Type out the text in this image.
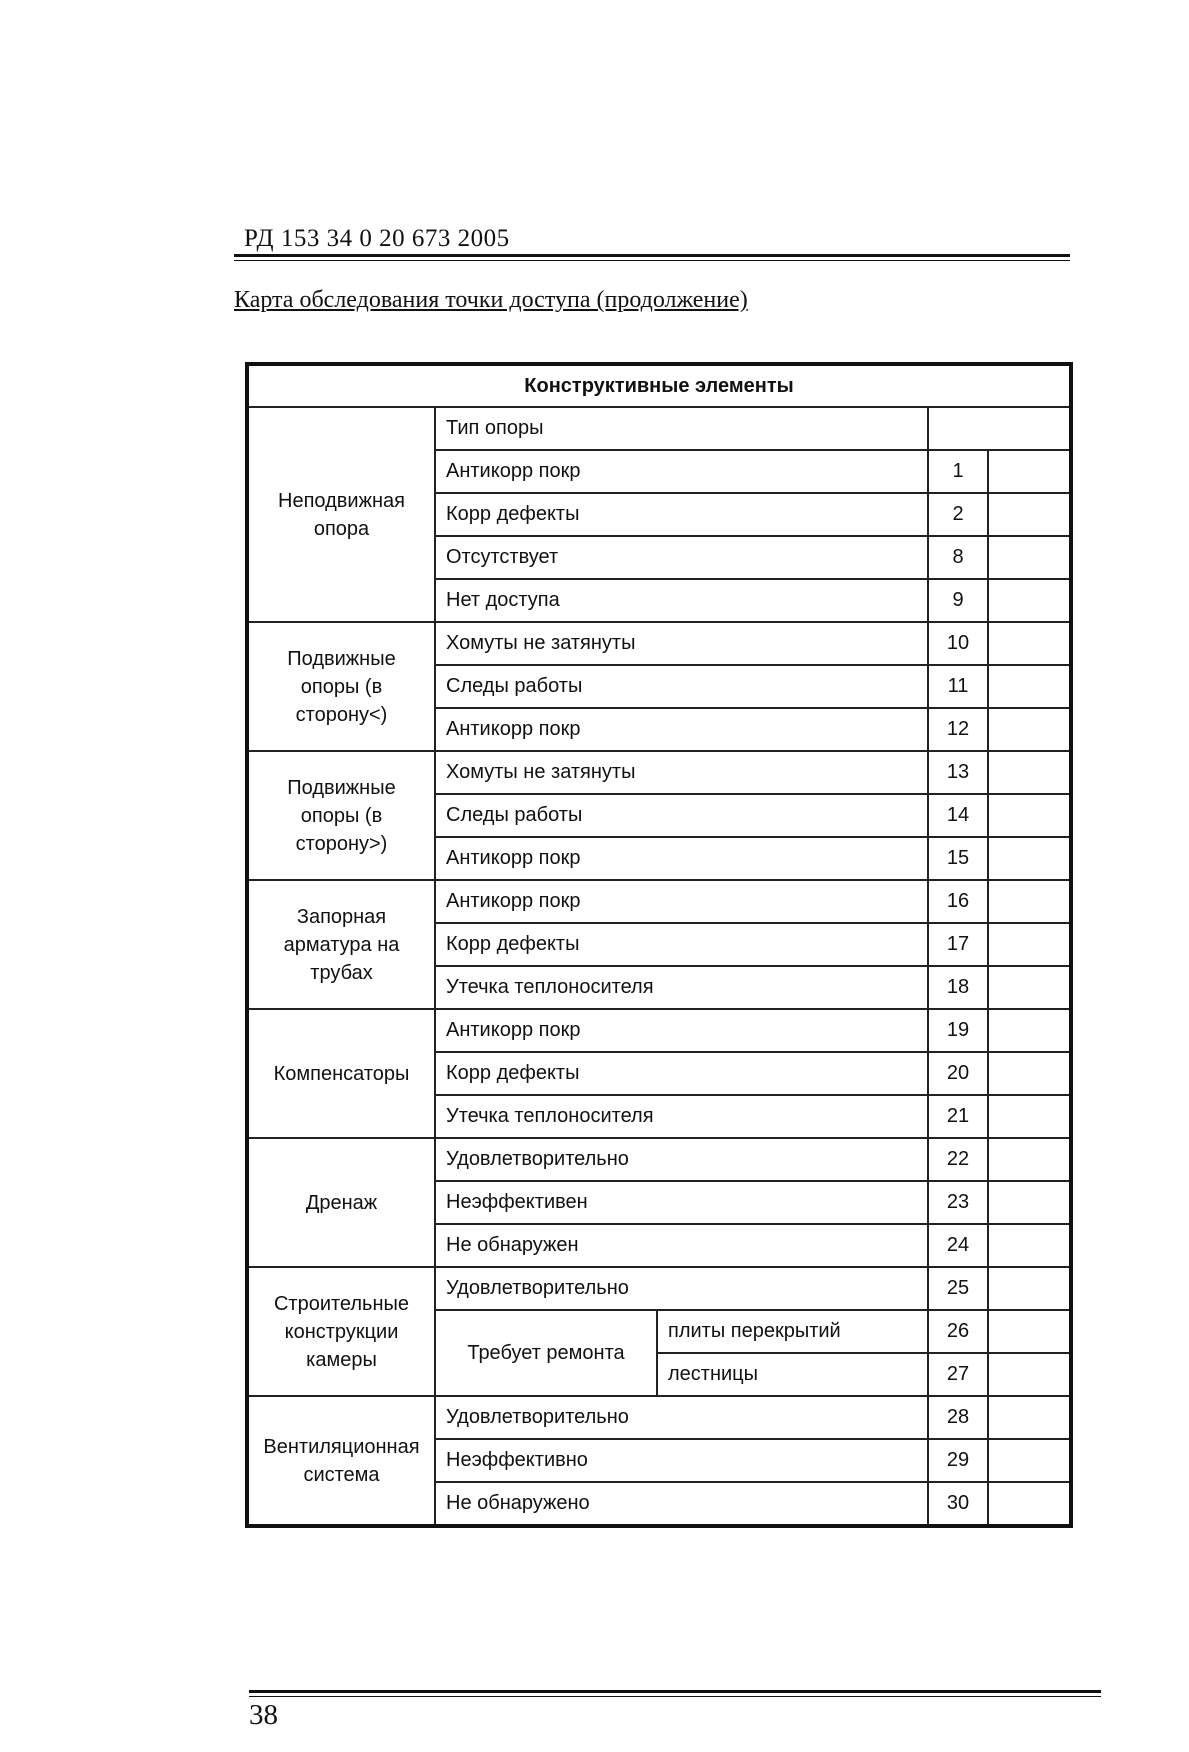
РД 153 34 0 20 673 2005
Карта обследования точки доступа (продолжение)
Конструктивные элементы				
Неподвижная опора	Тип опоры			
	Антикорр покр		1	
	Корр дефекты		2	
	Отсутствует		8	
	Нет доступа		9	
Подвижные опоры (в сторону<)	Хомуты не затянуты		10	
	Следы работы		11	
	Антикорр покр		12	
Подвижные опоры (в сторону>)	Хомуты не затянуты		13	
	Следы работы		14	
	Антикорр покр		15	
Запорная арматура на трубах	Антикорр покр		16	
	Корр дефекты		17	
	Утечка теплоносителя		18	
Компенсаторы	Антикорр покр		19	
	Корр дефекты		20	
	Утечка теплоносителя		21	
Дренаж	Удовлетворительно		22	
	Неэффективен		23	
	Не обнаружен		24	
Строительные конструкции камеры	Удовлетворительно		25	
	Требует ремонта	плиты перекрытий	26	
		лестницы	27	
Вентиляционная система	Удовлетворительно		28	
	Неэффективно		29	
	Не обнаружено		30	
38
